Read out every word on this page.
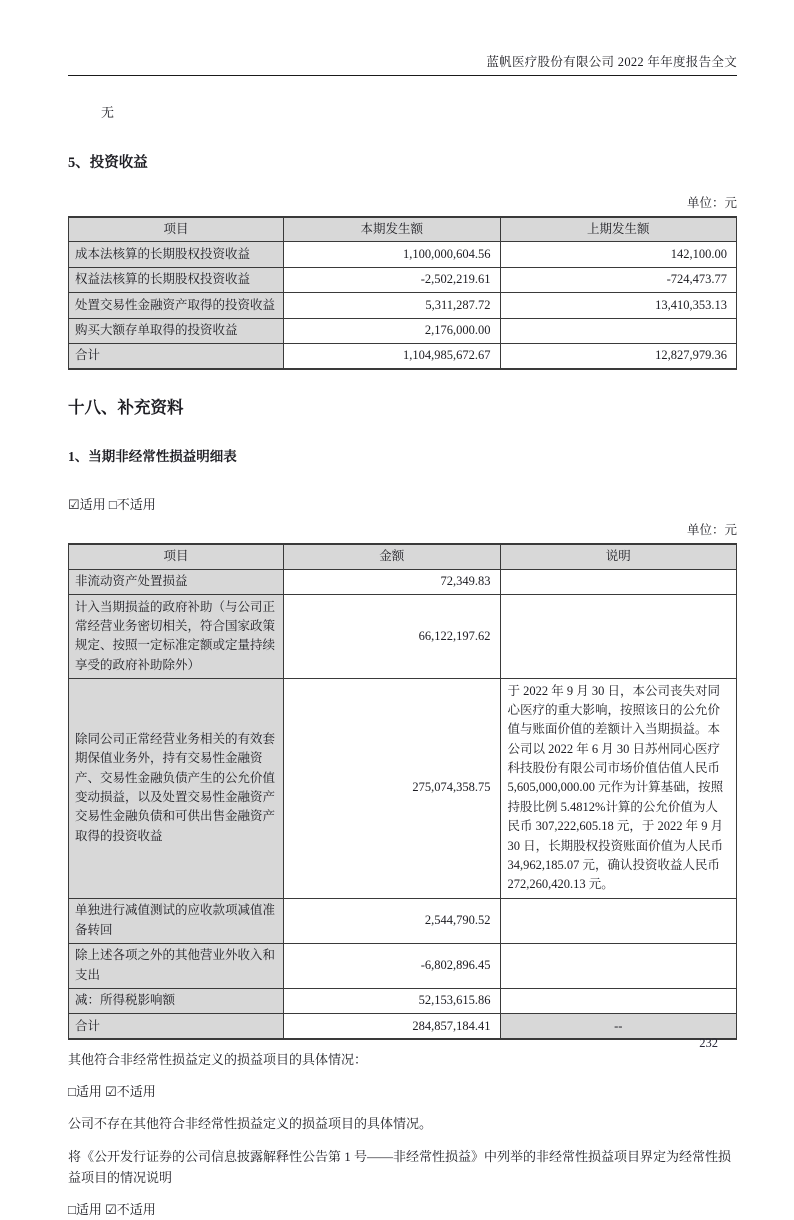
蓝帆医疗股份有限公司 2022 年年度报告全文
无
5、投资收益
单位：元
项目	本期发生额	上期发生额
成本法核算的长期股权投资收益	1,100,000,604.56	142,100.00
权益法核算的长期股权投资收益	-2,502,219.61	-724,473.77
处置交易性金融资产取得的投资收益	5,311,287.72	13,410,353.13
购买大额存单取得的投资收益	2,176,000.00	
合计	1,104,985,672.67	12,827,979.36
十八、补充资料
1、当期非经常性损益明细表
☑适用 □不适用
单位：元
项目	金额	说明
非流动资产处置损益	72,349.83	
计入当期损益的政府补助（与公司正常经营业务密切相关，符合国家政策规定、按照一定标准定额或定量持续享受的政府补助除外）	66,122,197.62	
除同公司正常经营业务相关的有效套期保值业务外，持有交易性金融资产、交易性金融负债产生的公允价值变动损益，以及处置交易性金融资产交易性金融负债和可供出售金融资产取得的投资收益	275,074,358.75	于 2022 年 9 月 30 日，本公司丧失对同心医疗的重大影响，按照该日的公允价值与账面价值的差额计入当期损益。本公司以 2022 年 6 月 30 日苏州同心医疗科技股份有限公司市场价值估值人民币 5,605,000,000.00 元作为计算基础，按照持股比例 5.4812%计算的公允价值为人民币 307,222,605.18 元，于 2022 年 9 月 30 日，长期股权投资账面价值为人民币 34,962,185.07 元，确认投资收益人民币 272,260,420.13 元。
单独进行减值测试的应收款项减值准备转回	2,544,790.52	
除上述各项之外的其他营业外收入和支出	-6,802,896.45	
减：所得税影响额	52,153,615.86	
合计	284,857,184.41	--
其他符合非经常性损益定义的损益项目的具体情况：
□适用 ☑不适用
公司不存在其他符合非经常性损益定义的损益项目的具体情况。
将《公开发行证券的公司信息披露解释性公告第 1 号——非经常性损益》中列举的非经常性损益项目界定为经常性损益项目的情况说明
□适用 ☑不适用
232
